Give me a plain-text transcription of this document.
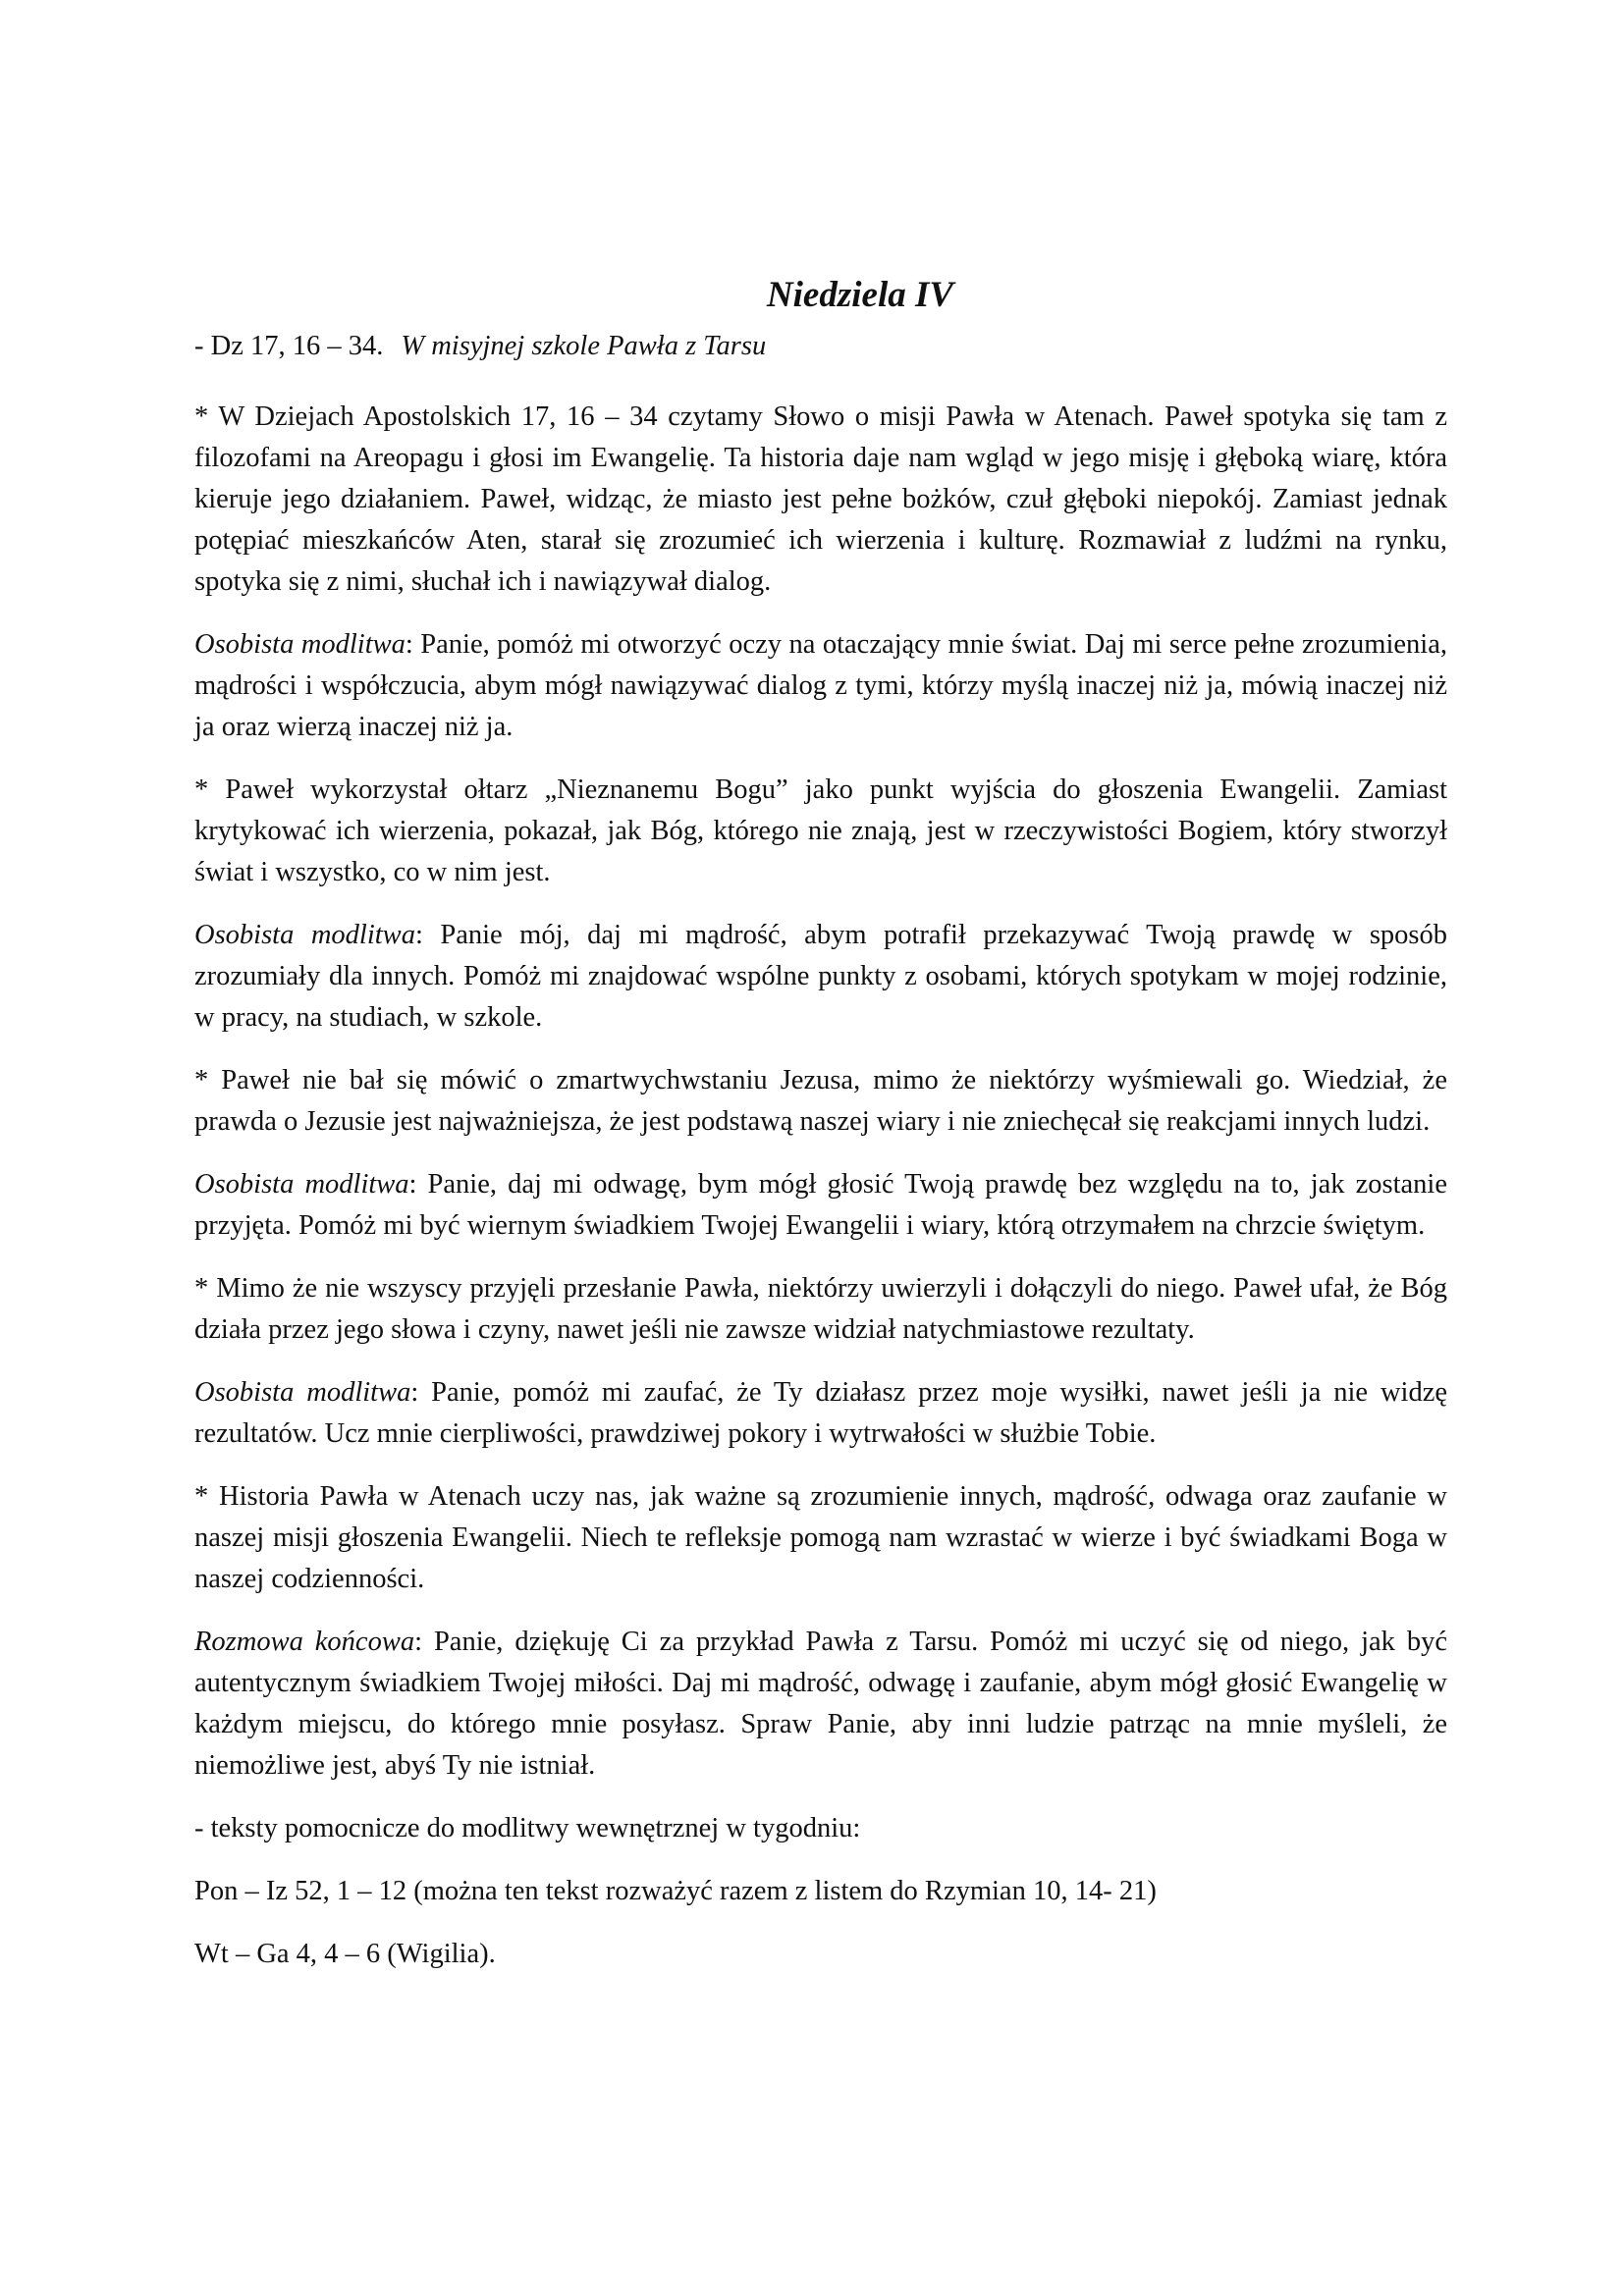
Niedziela IV
- Dz 17, 16 – 34. W misyjnej szkole Pawła z Tarsu

* W Dziejach Apostolskich 17, 16 – 34 czytamy Słowo o misji Pawła w Atenach. Paweł spotyka się tam z filozofami na Areopagu i głosi im Ewangelię. Ta historia daje nam wgląd w jego misję i głęboką wiarę, która kieruje jego działaniem. Paweł, widząc, że miasto jest pełne bożków, czuł głęboki niepokój. Zamiast jednak potępiać mieszkańców Aten, starał się zrozumieć ich wierzenia i kulturę. Rozmawiał z ludźmi na rynku, spotyka się z nimi, słuchał ich i nawiązywał dialog.

Osobista modlitwa: Panie, pomóż mi otworzyć oczy na otaczający mnie świat. Daj mi serce pełne zrozumienia, mądrości i współczucia, abym mógł nawiązywać dialog z tymi, którzy myślą inaczej niż ja, mówią inaczej niż ja oraz wierzą inaczej niż ja.

* Paweł wykorzystał ołtarz „Nieznanemu Bogu” jako punkt wyjścia do głoszenia Ewangelii. Zamiast krytykować ich wierzenia, pokazał, jak Bóg, którego nie znają, jest w rzeczywistości Bogiem, który stworzył świat i wszystko, co w nim jest.

Osobista modlitwa: Panie mój, daj mi mądrość, abym potrafił przekazywać Twoją prawdę w sposób zrozumiały dla innych. Pomóż mi znajdować wspólne punkty z osobami, których spotykam w mojej rodzinie, w pracy, na studiach, w szkole.

* Paweł nie bał się mówić o zmartwychwstaniu Jezusa, mimo że niektórzy wyśmiewali go. Wiedział, że prawda o Jezusie jest najważniejsza, że jest podstawą naszej wiary i nie zniechęcał się reakcjami innych ludzi.

Osobista modlitwa: Panie, daj mi odwagę, bym mógł głosić Twoją prawdę bez względu na to, jak zostanie przyjęta. Pomóż mi być wiernym świadkiem Twojej Ewangelii i wiary, którą otrzymałem na chrzcie świętym.

* Mimo że nie wszyscy przyjęli przesłanie Pawła, niektórzy uwierzyli i dołączyli do niego. Paweł ufał, że Bóg działa przez jego słowa i czyny, nawet jeśli nie zawsze widział natychmiastowe rezultaty.

Osobista modlitwa: Panie, pomóż mi zaufać, że Ty działasz przez moje wysiłki, nawet jeśli ja nie widzę rezultatów. Ucz mnie cierpliwości, prawdziwej pokory i wytrwałości w służbie Tobie.

* Historia Pawła w Atenach uczy nas, jak ważne są zrozumienie innych, mądrość, odwaga oraz zaufanie w naszej misji głoszenia Ewangelii. Niech te refleksje pomogą nam wzrastać w wierze i być świadkami Boga w naszej codzienności.

Rozmowa końcowa: Panie, dziękuję Ci za przykład Pawła z Tarsu. Pomóż mi uczyć się od niego, jak być autentycznym świadkiem Twojej miłości. Daj mi mądrość, odwagę i zaufanie, abym mógł głosić Ewangelię w każdym miejscu, do którego mnie posyłasz. Spraw Panie, aby inni ludzie patrząc na mnie myśleli, że niemożliwe jest, abyś Ty nie istniał.

- teksty pomocnicze do modlitwy wewnętrznej w tygodniu:

Pon – Iz 52, 1 – 12 (można ten tekst rozważyć razem z listem do Rzymian 10, 14- 21)

Wt – Ga 4, 4 – 6 (Wigilia).
